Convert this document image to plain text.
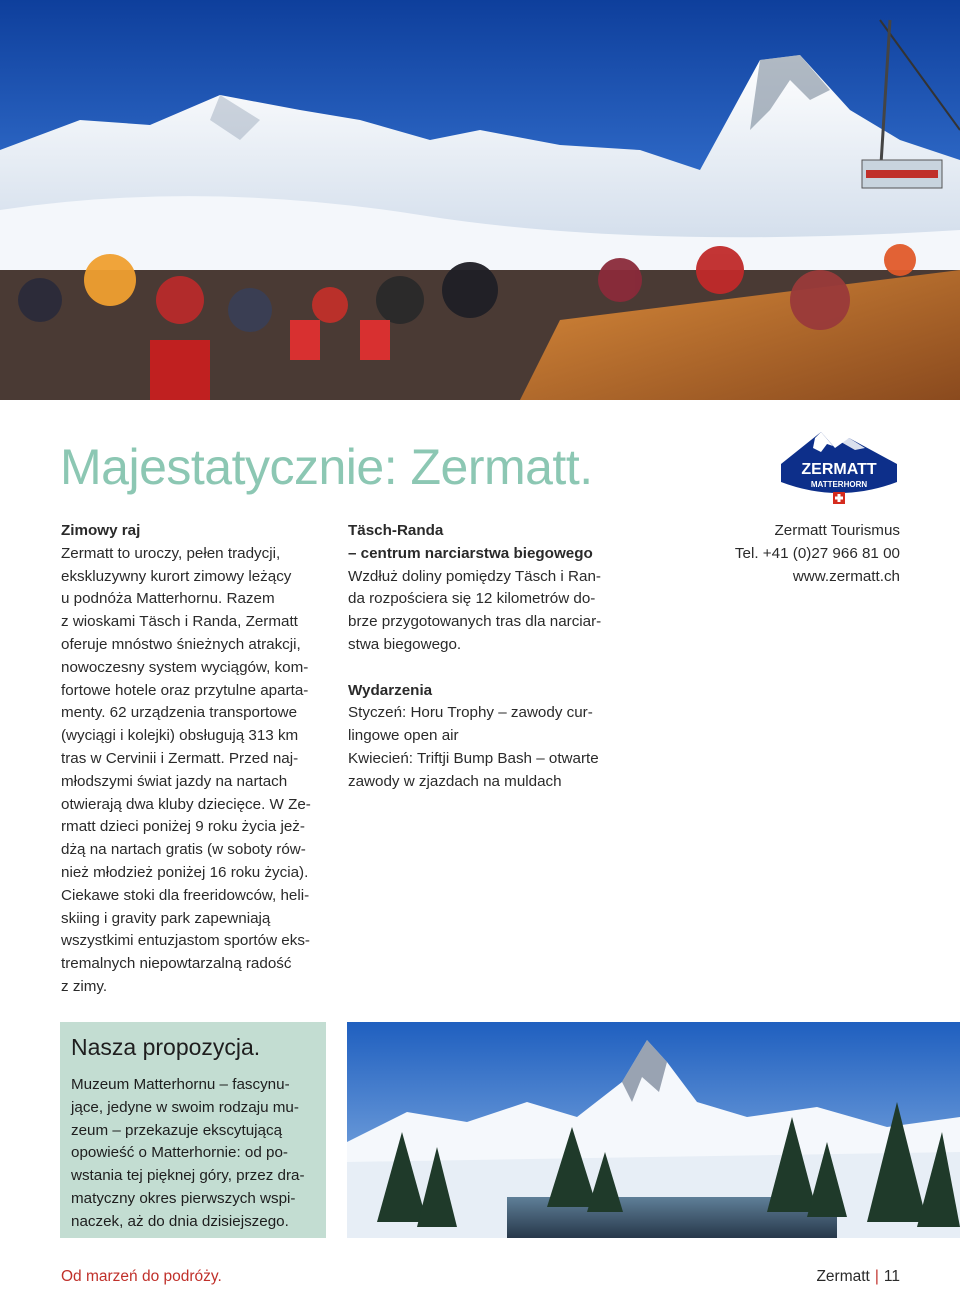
Majestatycznie: Zermatt.	ZERMATT
MATTERHORN
Zimowy raj
Zermatt to uroczy, pełen tradycji,
ekskluzywny kurort zimowy leżący
u podnóża Matterhornu. Razem
z wioskami Täsch i Randa, Zermatt
oferuje mnóstwo śnieżnych atrakcji,
nowoczesny system wyciągów, kom-
fortowe hotele oraz przytulne aparta-
menty. 62 urządzenia transportowe
(wyciągi i kolejki) obsługują 313 km
tras w Cervinii i Zermatt. Przed naj-
młodszymi świat jazdy na nartach
otwierają dwa kluby dziecięce. W Ze-
rmatt dzieci poniżej 9 roku życia jeż-
dżą na nartach gratis (w soboty rów-
nież młodzież poniżej 16 roku życia).
Ciekawe stoki dla freeridowców, heli-
skiing i gravity park zapewniają
wszystkimi entuzjastom sportów eks-
tremalnych niepowtarzalną radość
z zimy.
Täsch-Randa
– centrum narciarstwa biegowego
Wzdłuż doliny pomiędzy Täsch i Ran-
da rozpościera się 12 kilometrów do-
brze przygotowanych tras dla narciar-
stwa biegowego.
Wydarzenia
Styczeń: Horu Trophy – zawody cur-
lingowe open air
Kwiecień: Triftji Bump Bash – otwarte
zawody w zjazdach na muldach
Zermatt Tourismus
Tel. +41 (0)27 966 81 00
www.zermatt.ch
Nasza propozycja.
Muzeum Matterhornu – fascynu-
jące, jedyne w swoim rodzaju mu-
zeum – przekazuje ekscytującą
opowieść o Matterhornie: od po-
wstania tej pięknej góry, przez dra-
matyczny okres pierwszych wspi-
naczek, aż do dnia dzisiejszego.
Od marzeń do podróży.	Zermatt | 11
